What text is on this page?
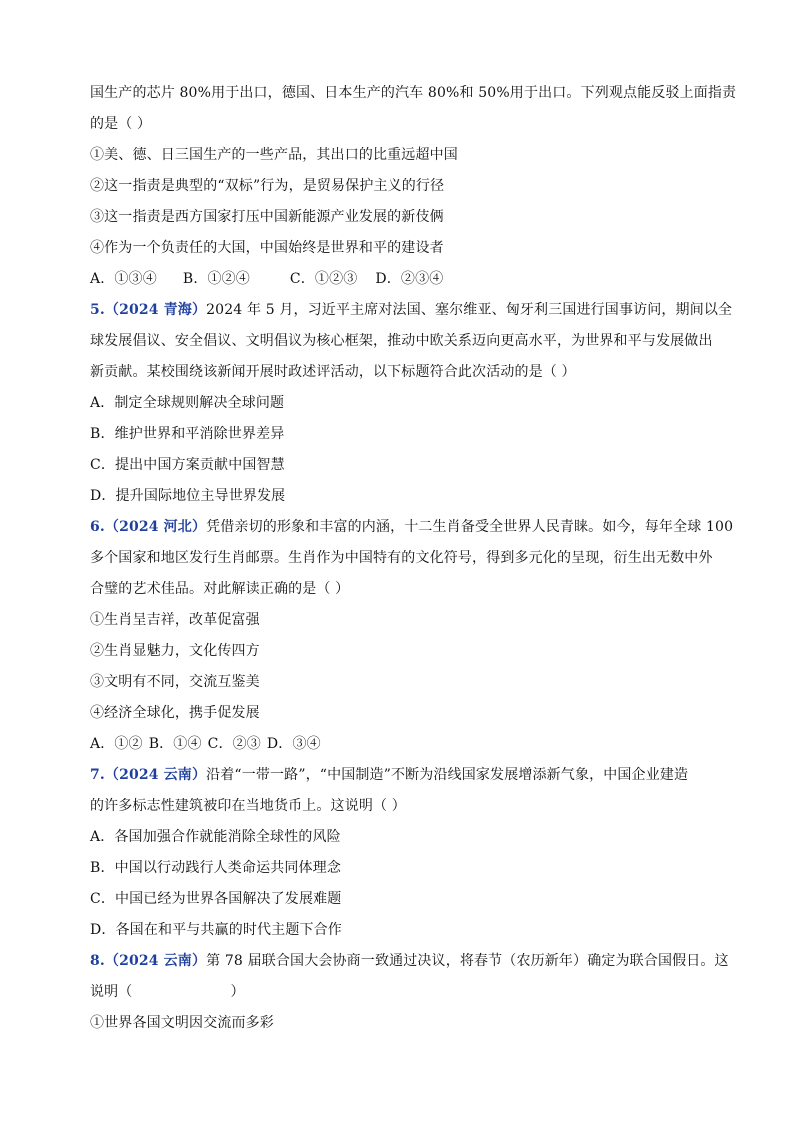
国生产的芯片 80%用于出口，德国、日本生产的汽车 80%和 50%用于出口。下列观点能反驳上面指责
的是（ ）
①美、德、日三国生产的一些产品，其出口的比重远超中国
②这一指责是典型的“双标”行为，是贸易保护主义的行径
③这一指责是西方国家打压中国新能源产业发展的新伎俩
④作为一个负责任的大国，中国始终是世界和平的建设者
A．①③④ B．①②④	C．①②③ D．②③④
5.（2024 青海）2024 年 5 月，习近平主席对法国、塞尔维亚、匈牙利三国进行国事访问，期间以全
球发展倡议、安全倡议、文明倡议为核心框架，推动中欧关系迈向更高水平，为世界和平与发展做出
新贡献。某校围绕该新闻开展时政述评活动，以下标题符合此次活动的是（ ）
A．制定全球规则解决全球问题
B．维护世界和平消除世界差异
C．提出中国方案贡献中国智慧
D．提升国际地位主导世界发展
6.（2024 河北）凭借亲切的形象和丰富的内涵，十二生肖备受全世界人民青睐。如今，每年全球 100
多个国家和地区发行生肖邮票。生肖作为中国特有的文化符号，得到多元化的呈现，衍生出无数中外
合璧的艺术佳品。对此解读正确的是（ ）
①生肖呈吉祥，改革促富强
②生肖显魅力，文化传四方
③文明有不同，交流互鉴美
④经济全球化，携手促发展
A．①② B．①④ C．②③ D．③④
7.（2024 云南）沿着“一带一路”，“中国制造”不断为沿线国家发展增添新气象，中国企业建造
的许多标志性建筑被印在当地货币上。这说明（ ）
A．各国加强合作就能消除全球性的风险
B．中国以行动践行人类命运共同体理念
C．中国已经为世界各国解决了发展难题
D．各国在和平与共赢的时代主题下合作
8.（2024 云南）第 78 届联合国大会协商一致通过决议，将春节（农历新年）确定为联合国假日。这
说明（	）
①世界各国文明因交流而多彩
